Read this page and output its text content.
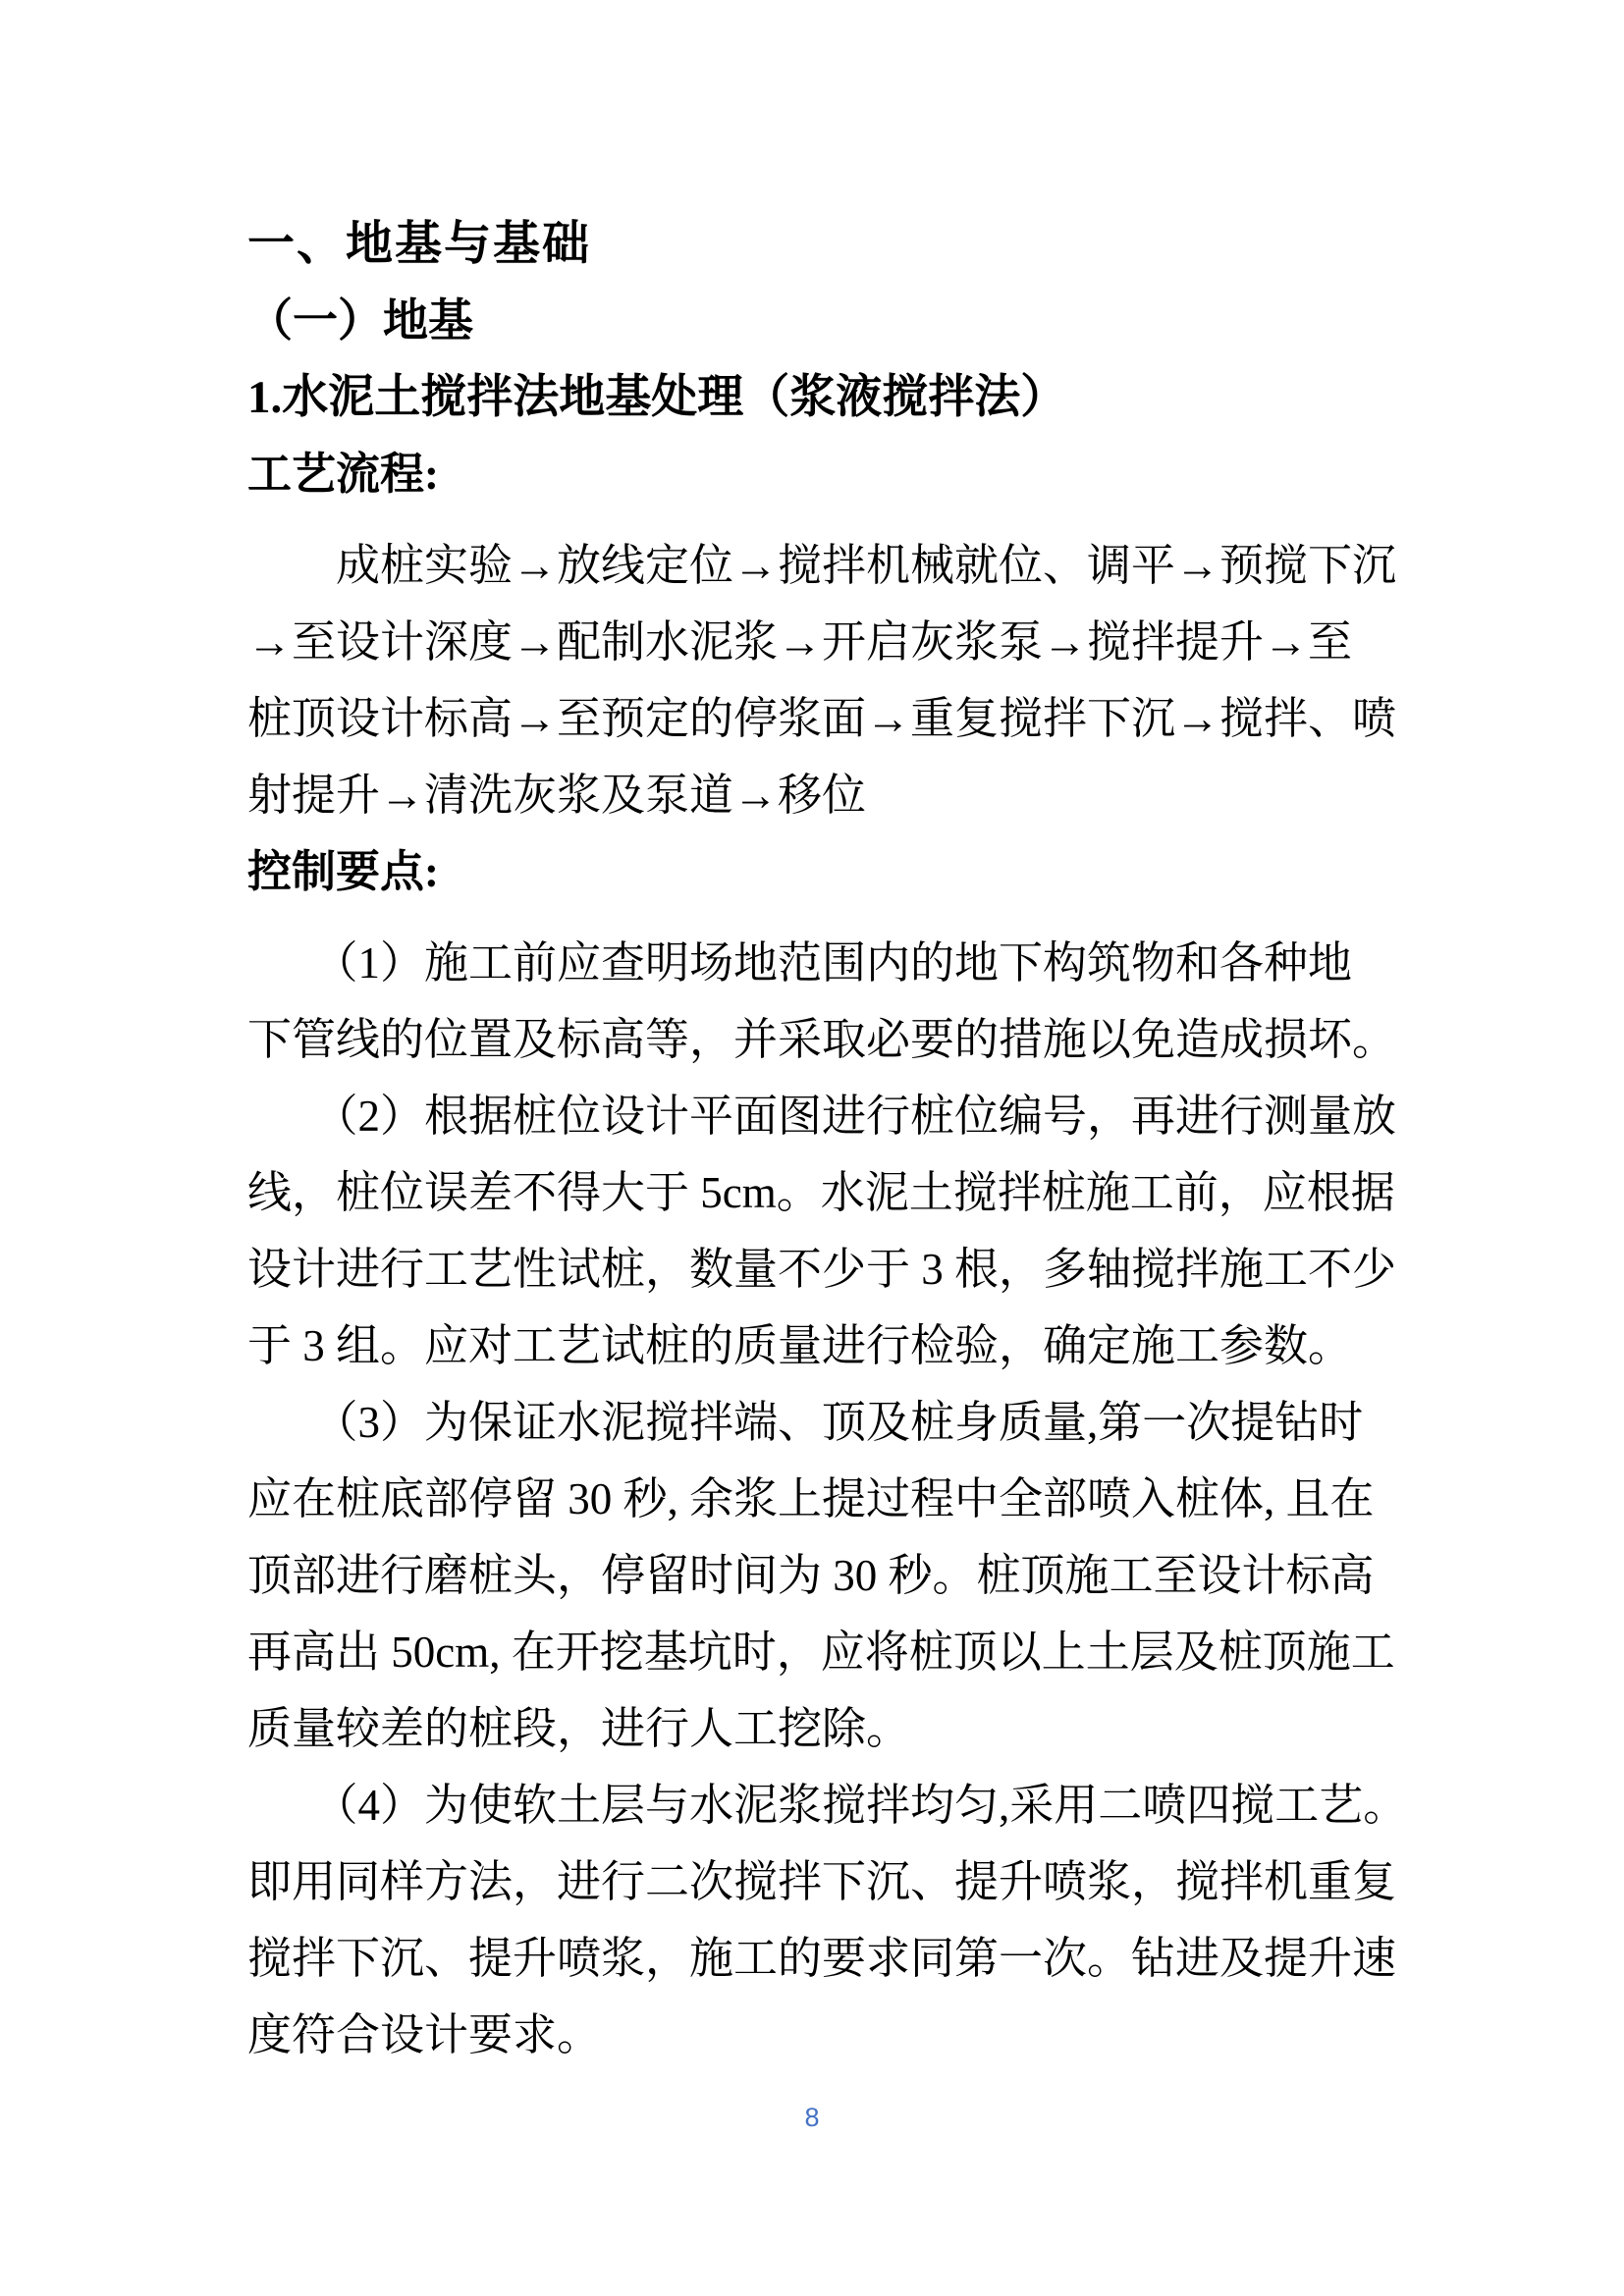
一、地基与基础
（一）地基
1.水泥土搅拌法地基处理（浆液搅拌法）
工艺流程:
　　成桩实验→放线定位→搅拌机械就位、调平→预搅下沉
→至设计深度→配制水泥浆→开启灰浆泵→搅拌提升→至
桩顶设计标高→至预定的停浆面→重复搅拌下沉→搅拌、喷
射提升→清洗灰浆及泵道→移位
控制要点:
　　（1）施工前应查明场地范围内的地下构筑物和各种地
下管线的位置及标高等，并采取必要的措施以免造成损坏。
　　（2）根据桩位设计平面图进行桩位编号，再进行测量放
线，桩位误差不得大于 5cm。水泥土搅拌桩施工前，应根据
设计进行工艺性试桩，数量不少于 3 根，多轴搅拌施工不少
于 3 组。应对工艺试桩的质量进行检验，确定施工参数。
　　（3）为保证水泥搅拌端、顶及桩身质量,第一次提钻时
应在桩底部停留 30 秒, 余浆上提过程中全部喷入桩体, 且在
顶部进行磨桩头，停留时间为 30 秒。桩顶施工至设计标高
再高出 50cm, 在开挖基坑时，应将桩顶以上土层及桩顶施工
质量较差的桩段，进行人工挖除。
　　（4）为使软土层与水泥浆搅拌均匀,采用二喷四搅工艺。
即用同样方法，进行二次搅拌下沉、提升喷浆，搅拌机重复
搅拌下沉、提升喷浆，施工的要求同第一次。钻进及提升速
度符合设计要求。
8
